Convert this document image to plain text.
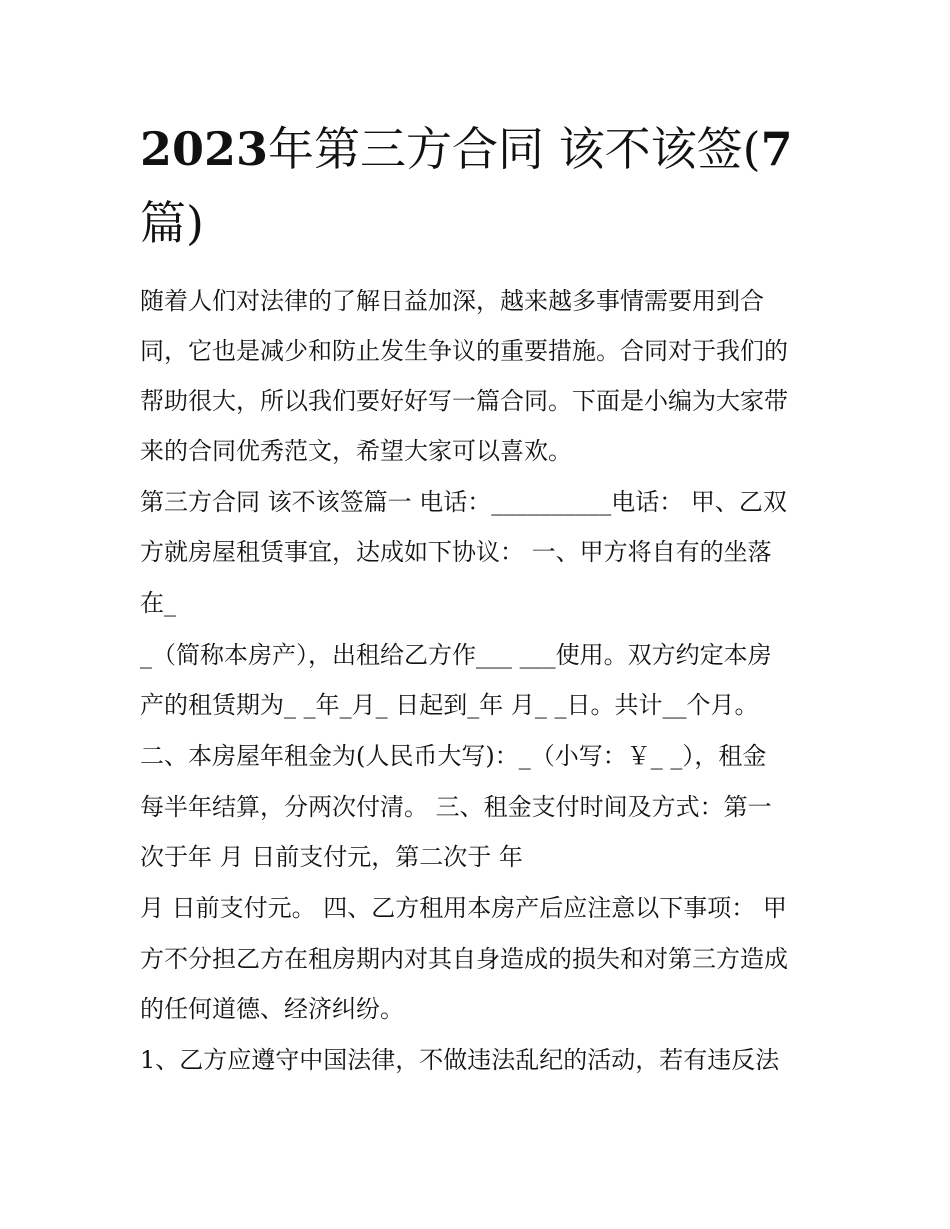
2023年第三方合同 该不该签(7
篇)
随着人们对法律的了解日益加深，越来越多事情需要用到合
同，它也是减少和防止发生争议的重要措施。合同对于我们的
帮助很大，所以我们要好好写一篇合同。下面是小编为大家带
来的合同优秀范文，希望大家可以喜欢。
第三方合同 该不该签篇一 电话：__________电话： 甲、乙双
方就房屋租赁事宜，达成如下协议： 一、甲方将自有的坐落
在_
_（简称本房产），出租给乙方作___ ___使用。双方约定本房
产的租赁期为_ _年_月_ 日起到_年 月_ _日。共计__个月。
二、本房屋年租金为(人民币大写)：_（小写：￥_ _），租金
每半年结算，分两次付清。 三、租金支付时间及方式：第一
次于年 月 日前支付元，第二次于 年
月 日前支付元。 四、乙方租用本房产后应注意以下事项： 甲
方不分担乙方在租房期内对其自身造成的损失和对第三方造成
的任何道德、经济纠纷。
1、乙方应遵守中国法律，不做违法乱纪的活动，若有违反法
